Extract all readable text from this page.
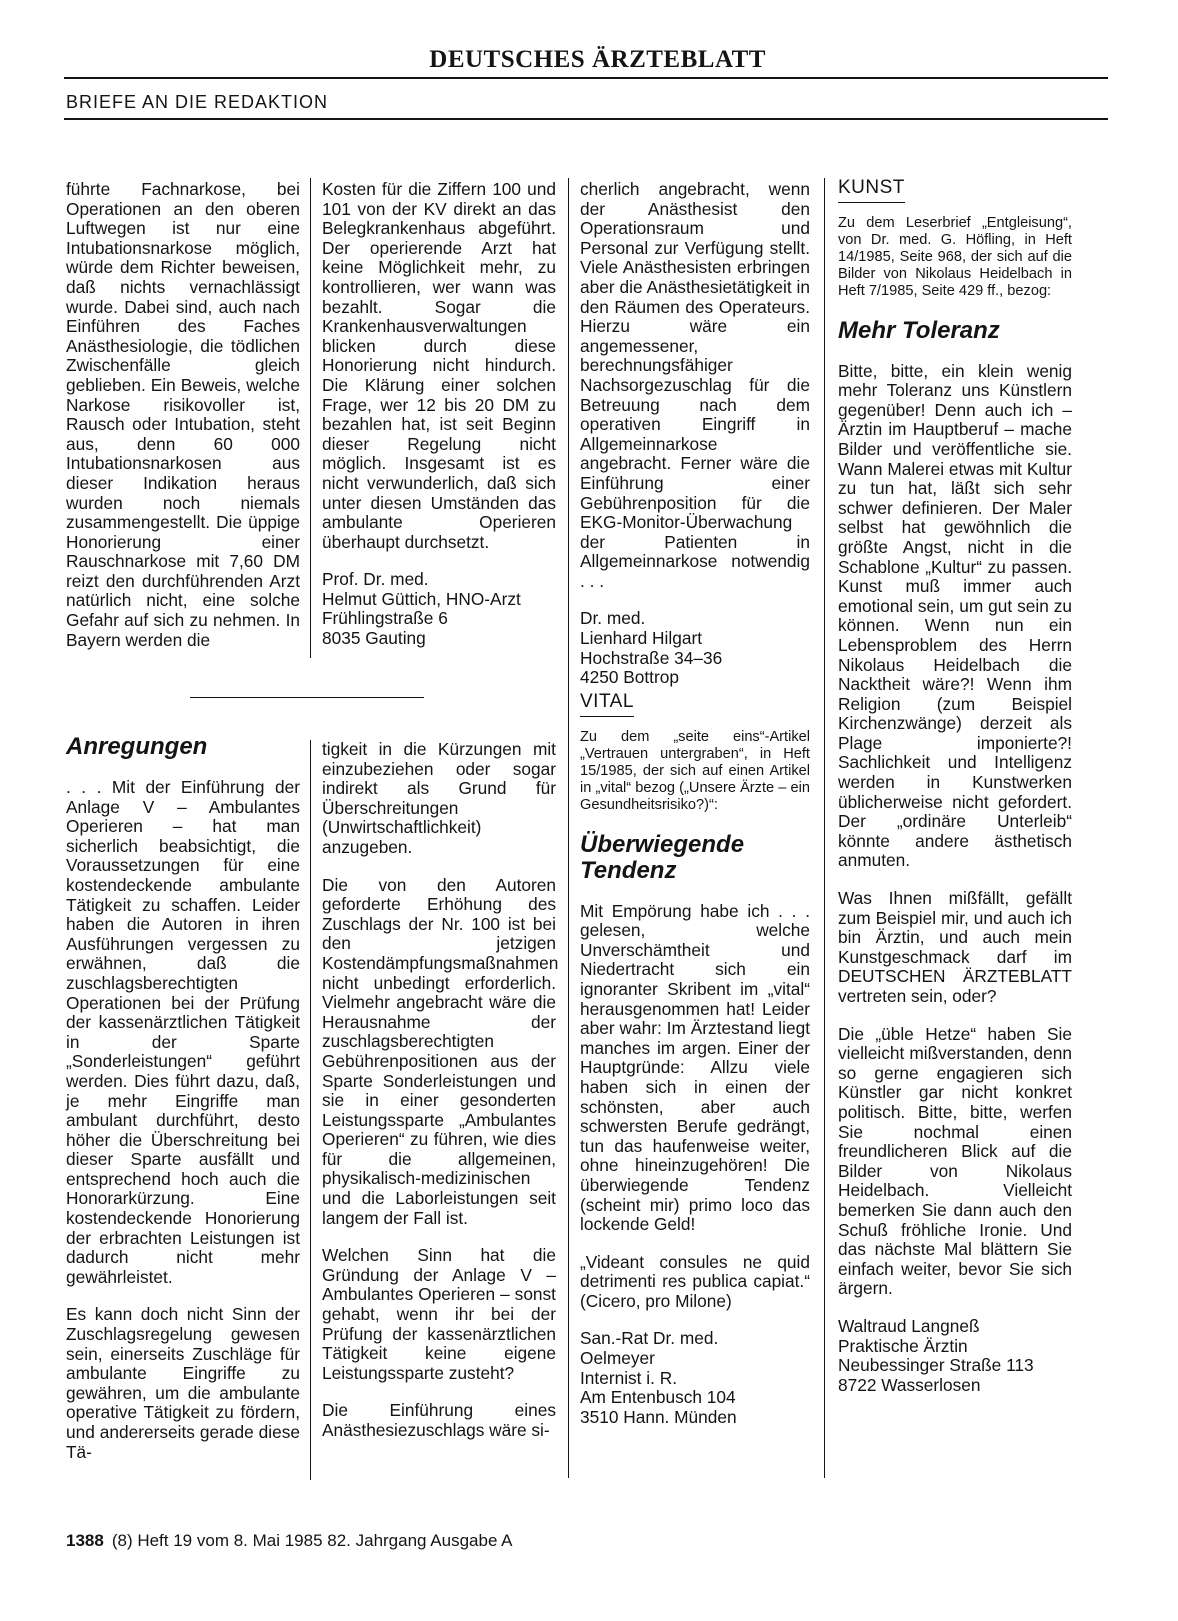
DEUTSCHES ÄRZTEBLATT
BRIEFE AN DIE REDAKTION

führte Fachnarkose, bei Operationen an den oberen Luftwegen ist nur eine Intubationsnarkose möglich, würde dem Richter beweisen, daß nichts vernachlässigt wurde. Dabei sind, auch nach Einführen des Faches Anästhesiologie, die tödlichen Zwischenfälle gleich geblieben. Ein Beweis, welche Narkose risikovoller ist, Rausch oder Intubation, steht aus, denn 60 000 Intubationsnarkosen aus dieser Indikation heraus wurden noch niemals zusammengestellt. Die üppige Honorierung einer Rauschnarkose mit 7,60 DM reizt den durchführenden Arzt natürlich nicht, eine solche Gefahr auf sich zu nehmen. In Bayern werden die

Kosten für die Ziffern 100 und 101 von der KV direkt an das Belegkrankenhaus abgeführt. Der operierende Arzt hat keine Möglichkeit mehr, zu kontrollieren, wer wann was bezahlt. Sogar die Krankenhausverwaltungen blicken durch diese Honorierung nicht hindurch. Die Klärung einer solchen Frage, wer 12 bis 20 DM zu bezahlen hat, ist seit Beginn dieser Regelung nicht möglich. Insgesamt ist es nicht verwunderlich, daß sich unter diesen Umständen das ambulante Operieren überhaupt durchsetzt.

Prof. Dr. med.
Helmut Güttich, HNO-Arzt
Frühlingstraße 6
8035 Gauting

cherlich angebracht, wenn der Anästhesist den Operationsraum und Personal zur Verfügung stellt. Viele Anästhesisten erbringen aber die Anästhesietätigkeit in den Räumen des Operateurs. Hierzu wäre ein angemessener, berechnungsfähiger Nachsorgezuschlag für die Betreuung nach dem operativen Eingriff in Allgemeinnarkose angebracht. Ferner wäre die Einführung einer Gebührenposition für die EKG-Monitor-Überwachung der Patienten in Allgemeinnarkose notwendig . . .

Dr. med.
Lienhard Hilgart
Hochstraße 34–36
4250 Bottrop

Anregungen

. . . Mit der Einführung der Anlage V – Ambulantes Operieren – hat man sicherlich beabsichtigt, die Voraussetzungen für eine kostendeckende ambulante Tätigkeit zu schaffen. Leider haben die Autoren in ihren Ausführungen vergessen zu erwähnen, daß die zuschlagsberechtigten Operationen bei der Prüfung der kassenärztlichen Tätigkeit in der Sparte „Sonderleistungen“ geführt werden. Dies führt dazu, daß, je mehr Eingriffe man ambulant durchführt, desto höher die Überschreitung bei dieser Sparte ausfällt und entsprechend hoch auch die Honorarkürzung. Eine kostendeckende Honorierung der erbrachten Leistungen ist dadurch nicht mehr gewährleistet.

Es kann doch nicht Sinn der Zuschlagsregelung gewesen sein, einerseits Zuschläge für ambulante Eingriffe zu gewähren, um die ambulante operative Tätigkeit zu fördern, und andererseits gerade diese Tä-

tigkeit in die Kürzungen mit einzubeziehen oder sogar indirekt als Grund für Überschreitungen (Unwirtschaftlichkeit) anzugeben.

Die von den Autoren geforderte Erhöhung des Zuschlags der Nr. 100 ist bei den jetzigen Kostendämpfungsmaßnahmen nicht unbedingt erforderlich. Vielmehr angebracht wäre die Herausnahme der zuschlagsberechtigten Gebührenpositionen aus der Sparte Sonderleistungen und sie in einer gesonderten Leistungssparte „Ambulantes Operieren“ zu führen, wie dies für die allgemeinen, physikalisch-medizinischen und die Laborleistungen seit langem der Fall ist.

Welchen Sinn hat die Gründung der Anlage V – Ambulantes Operieren – sonst gehabt, wenn ihr bei der Prüfung der kassenärztlichen Tätigkeit keine eigene Leistungssparte zusteht?

Die Einführung eines Anästhesiezuschlags wäre si-

VITAL

Zu dem „seite eins“-Artikel „Vertrauen untergraben“, in Heft 15/1985, der sich auf einen Artikel in „vital“ bezog („Unsere Ärzte – ein Gesundheitsrisiko?)“:

Überwiegende Tendenz

Mit Empörung habe ich . . . gelesen, welche Unverschämtheit und Niedertracht sich ein ignoranter Skribent im „vital“ herausgenommen hat! Leider aber wahr: Im Ärztestand liegt manches im argen. Einer der Hauptgründe: Allzu viele haben sich in einen der schönsten, aber auch schwersten Berufe gedrängt, tun das haufenweise weiter, ohne hineinzugehören! Die überwiegende Tendenz (scheint mir) primo loco das lockende Geld!

„Videant consules ne quid detrimenti res publica capiat.“ (Cicero, pro Milone)

San.-Rat Dr. med.
Oelmeyer
Internist i. R.
Am Entenbusch 104
3510 Hann. Münden
KUNST

Zu dem Leserbrief „Entgleisung“, von Dr. med. G. Höfling, in Heft 14/1985, Seite 968, der sich auf die Bilder von Nikolaus Heidelbach in Heft 7/1985, Seite 429 ff., bezog:

Mehr Toleranz

Bitte, bitte, ein klein wenig mehr Toleranz uns Künstlern gegenüber! Denn auch ich – Ärztin im Hauptberuf – mache Bilder und veröffentliche sie. Wann Malerei etwas mit Kultur zu tun hat, läßt sich sehr schwer definieren. Der Maler selbst hat gewöhnlich die größte Angst, nicht in die Schablone „Kultur“ zu passen. Kunst muß immer auch emotional sein, um gut sein zu können. Wenn nun ein Lebensproblem des Herrn Nikolaus Heidelbach die Nacktheit wäre?! Wenn ihm Religion (zum Beispiel Kirchenzwänge) derzeit als Plage imponierte?! Sachlichkeit und Intelligenz werden in Kunstwerken üblicherweise nicht gefordert. Der „ordinäre Unterleib“ könnte andere ästhetisch anmuten.

Was Ihnen mißfällt, gefällt zum Beispiel mir, und auch ich bin Ärztin, und auch mein Kunstgeschmack darf im DEUTSCHEN ÄRZTEBLATT vertreten sein, oder?

Die „üble Hetze“ haben Sie vielleicht mißverstanden, denn so gerne engagieren sich Künstler gar nicht konkret politisch. Bitte, bitte, werfen Sie nochmal einen freundlicheren Blick auf die Bilder von Nikolaus Heidelbach. Vielleicht bemerken Sie dann auch den Schuß fröhliche Ironie. Und das nächste Mal blättern Sie einfach weiter, bevor Sie sich ärgern.

Waltraud Langneß
Praktische Ärztin
Neubessinger Straße 113
8722 Wasserlosen
1388 (8) Heft 19 vom 8. Mai 1985 82. Jahrgang Ausgabe A
